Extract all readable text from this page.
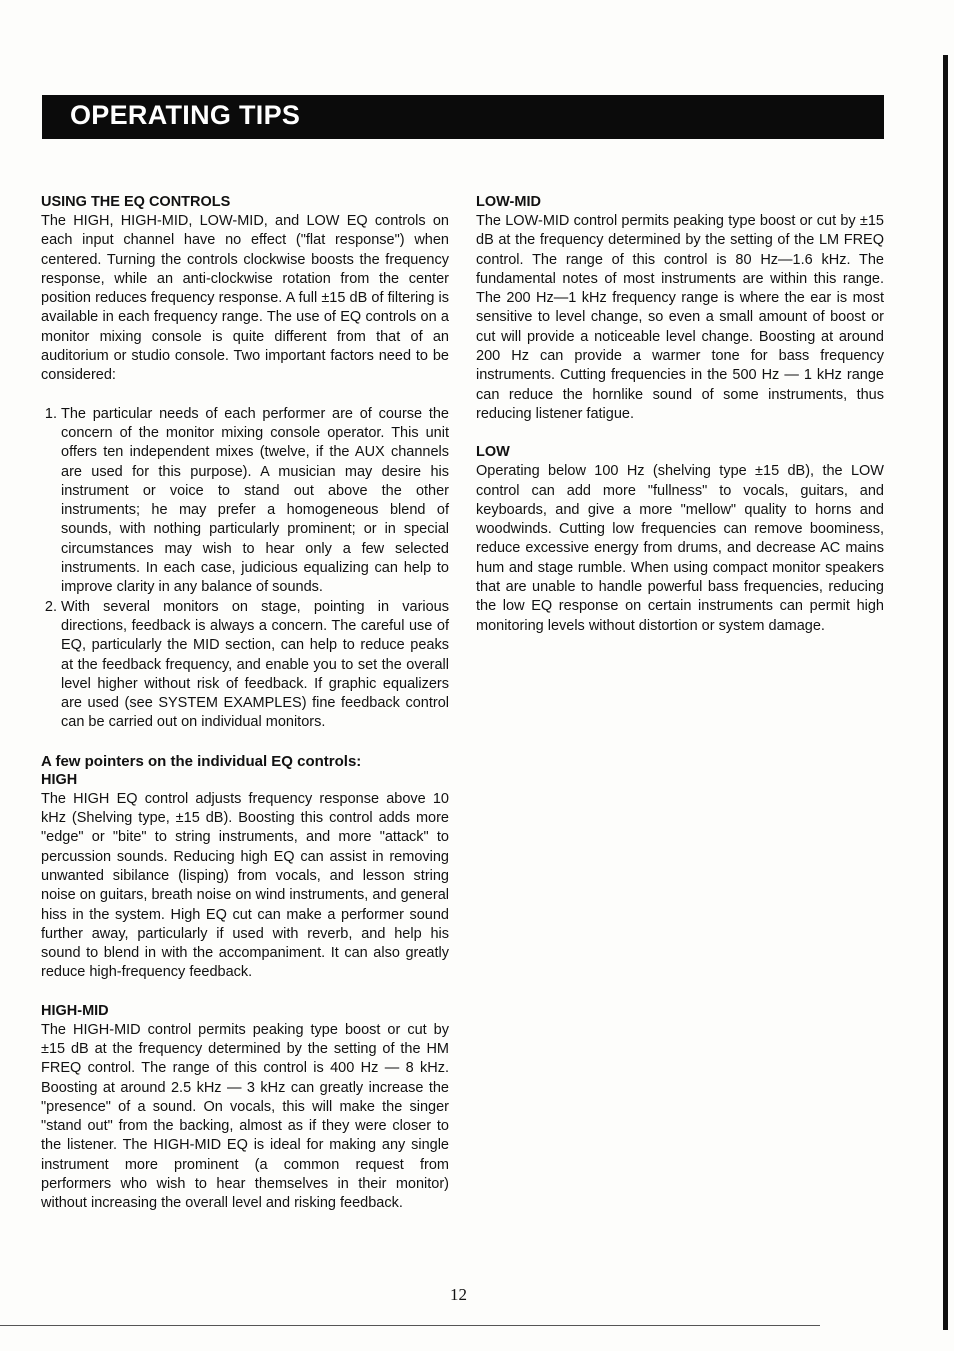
OPERATING TIPS
USING THE EQ CONTROLS

The HIGH, HIGH-MID, LOW-MID, and LOW EQ controls on each input channel have no effect ("flat response") when centered. Turning the controls clockwise boosts the frequency response, while an anti-clockwise rotation from the center position reduces frequency response. A full ±15 dB of filtering is available in each frequency range. The use of EQ controls on a monitor mixing console is quite different from that of an auditorium or studio console. Two important factors need to be considered:

1. The particular needs of each performer are of course the concern of the monitor mixing console operator. This unit offers ten independent mixes (twelve, if the AUX channels are used for this purpose). A musician may desire his instrument or voice to stand out above the other instruments; he may prefer a homogeneous blend of sounds, with nothing particularly prominent; or in special circumstances may wish to hear only a few selected instruments. In each case, judicious equalizing can help to improve clarity in any balance of sounds.
2. With several monitors on stage, pointing in various directions, feedback is always a concern. The careful use of EQ, particularly the MID section, can help to reduce peaks at the feedback frequency, and enable you to set the overall level higher without risk of feedback. If graphic equalizers are used (see SYSTEM EXAMPLES) fine feedback control can be carried out on individual monitors.
A few pointers on the individual EQ controls:
HIGH

The HIGH EQ control adjusts frequency response above 10 kHz (Shelving type, ±15 dB). Boosting this control adds more "edge" or "bite" to string instruments, and more "attack" to percussion sounds. Reducing high EQ can assist in removing unwanted sibilance (lisping) from vocals, and lesson string noise on guitars, breath noise on wind instruments, and general hiss in the system. High EQ cut can make a performer sound further away, particularly if used with reverb, and help his sound to blend in with the accompaniment. It can also greatly reduce high-frequency feedback.

HIGH-MID

The HIGH-MID control permits peaking type boost or cut by ±15 dB at the frequency determined by the setting of the HM FREQ control. The range of this control is 400 Hz — 8 kHz. Boosting at around 2.5 kHz — 3 kHz can greatly increase the "presence" of a sound. On vocals, this will make the singer "stand out" from the backing, almost as if they were closer to the listener. The HIGH-MID EQ is ideal for making any single instrument more prominent (a common request from performers who wish to hear themselves in their monitor) without increasing the overall level and risking feedback.

LOW-MID

The LOW-MID control permits peaking type boost or cut by ±15 dB at the frequency determined by the setting of the LM FREQ control. The range of this control is 80 Hz—1.6 kHz. The fundamental notes of most instruments are within this range. The 200 Hz—1 kHz frequency range is where the ear is most sensitive to level change, so even a small amount of boost or cut will provide a noticeable level change. Boosting at around 200 Hz can provide a warmer tone for bass frequency instruments. Cutting frequencies in the 500 Hz — 1 kHz range can reduce the hornlike sound of some instruments, thus reducing listener fatigue.

LOW

Operating below 100 Hz (shelving type ±15 dB), the LOW control can add more "fullness" to vocals, guitars, and keyboards, and give a more "mellow" quality to horns and woodwinds. Cutting low frequencies can remove boominess, reduce excessive energy from drums, and decrease AC mains hum and stage rumble. When using compact monitor speakers that are unable to handle powerful bass frequencies, reducing the low EQ response on certain instruments can permit high monitoring levels without distortion or system damage.

12
